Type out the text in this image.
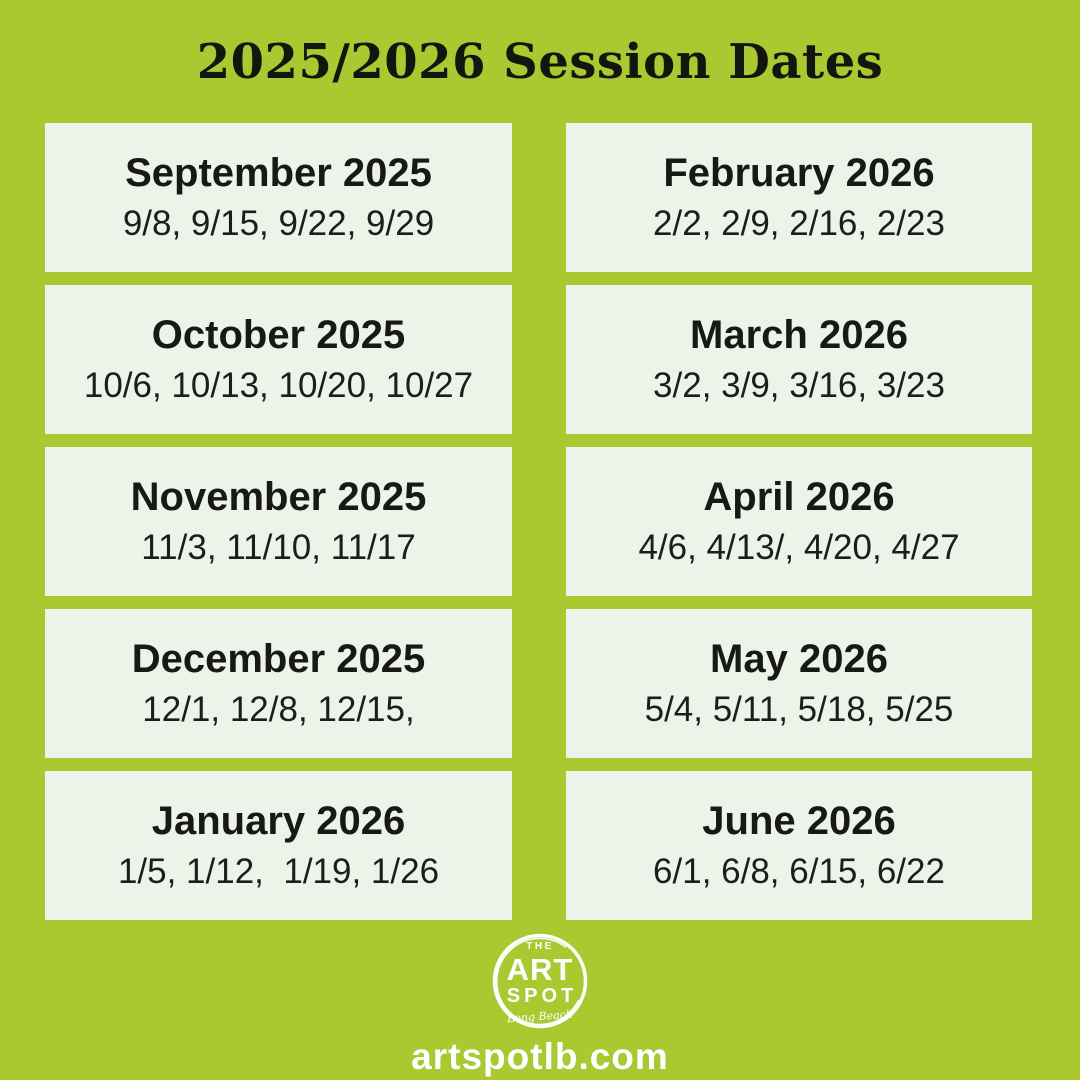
2025/2026 Session Dates
September 2025
9/8, 9/15, 9/22, 9/29
October 2025
10/6, 10/13, 10/20, 10/27
November 2025
11/3, 11/10, 11/17
December 2025
12/1, 12/8, 12/15,
January 2026
1/5, 1/12,  1/19, 1/26
February 2026
2/2, 2/9, 2/16, 2/23
March 2026
3/2, 3/9, 3/16, 3/23
April 2026
4/6, 4/13/, 4/20, 4/27
May 2026
5/4, 5/11, 5/18, 5/25
June 2026
6/1, 6/8, 6/15, 6/22
THE
ART
SPOT
Long Beach
artspotlb.com
